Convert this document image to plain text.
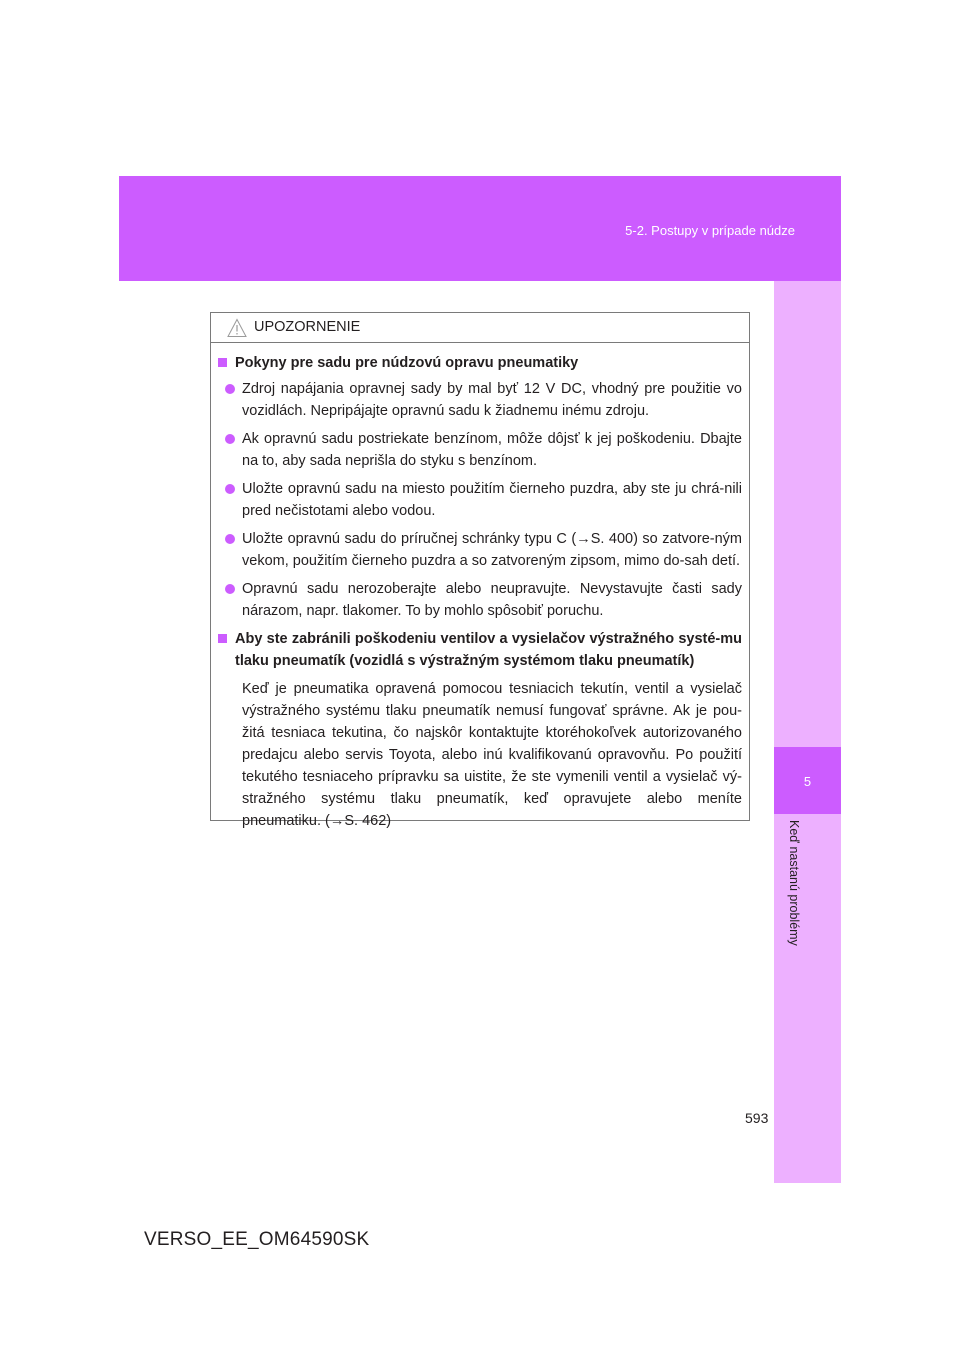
5-2. Postupy v prípade núdze
5
Keď nastanú problémy
UPOZORNENIE
Pokyny pre sadu pre núdzovú opravu pneumatiky
Zdroj napájania opravnej sady by mal byť 12 V DC, vhodný pre použitie vo vozidlách. Nepripájajte opravnú sadu k žiadnemu inému zdroju.
Ak opravnú sadu postriekate benzínom, môže dôjsť k jej poškodeniu. Dbajte na to, aby sada neprišla do styku s benzínom.
Uložte opravnú sadu na miesto použitím čierneho puzdra, aby ste ju chrá-nili pred nečistotami alebo vodou.
Uložte opravnú sadu do príručnej schránky typu C (→S. 400) so zatvore-ným vekom, použitím čierneho puzdra a so zatvoreným zipsom, mimo do-sah detí.
Opravnú sadu nerozoberajte alebo neupravujte. Nevystavujte časti sady nárazom, napr. tlakomer. To by mohlo spôsobiť poruchu.
Aby ste zabránili poškodeniu ventilov a vysielačov výstražného systé-mu tlaku pneumatík (vozidlá s výstražným systémom tlaku pneumatík)
Keď je pneumatika opravená pomocou tesniacich tekutín, ventil a vysielač výstražného systému tlaku pneumatík nemusí fungovať správne. Ak je pou-žitá tesniaca tekutina, čo najskôr kontaktujte ktoréhokoľvek autorizovaného predajcu alebo servis Toyota, alebo inú kvalifikovanú opravovňu. Po použití tekutého tesniaceho prípravku sa uistite, že ste vymenili ventil a vysielač vý-stražného systému tlaku pneumatík, keď opravujete alebo meníte pneumatiku. (→S. 462)
593
VERSO_EE_OM64590SK
